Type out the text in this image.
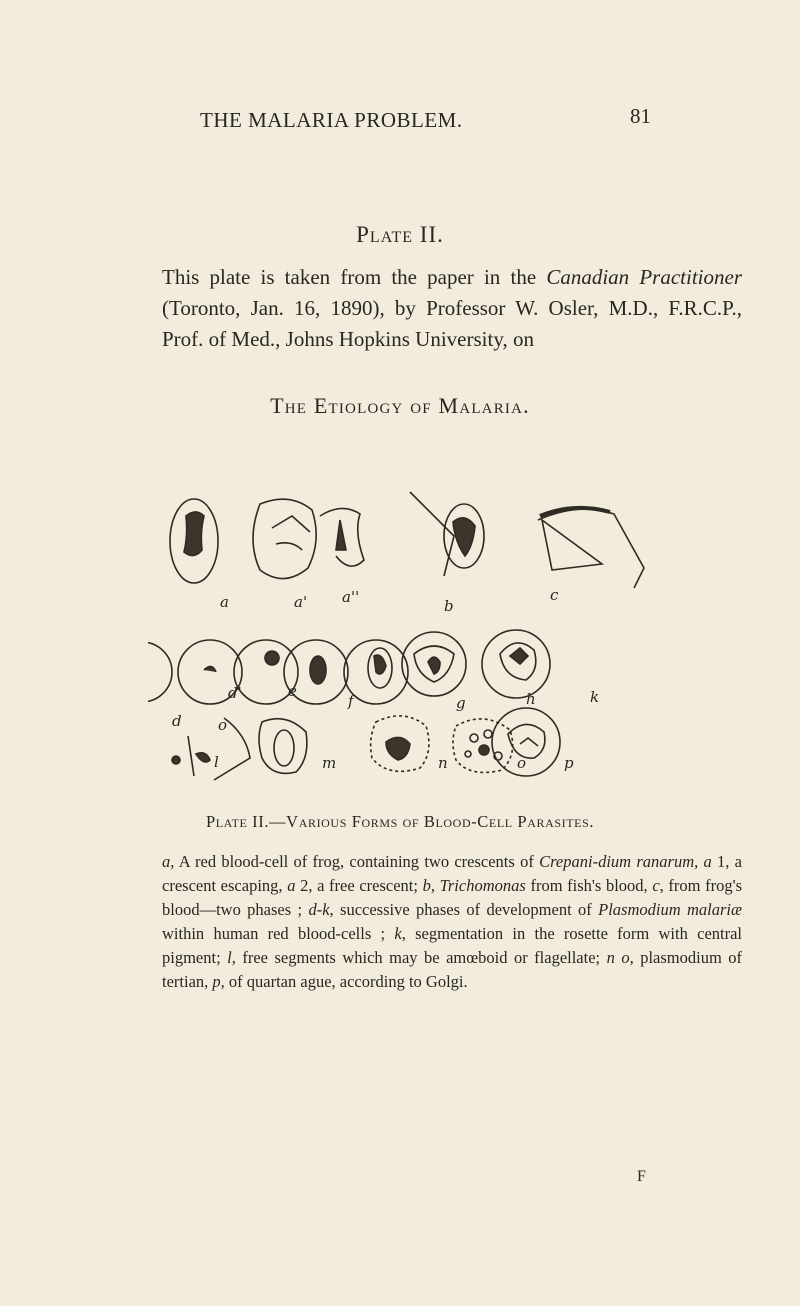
THE MALARIA PROBLEM.	81
Plate II.

This plate is taken from the paper in the Canadian Practitioner (Toronto, Jan. 16, 1890), by Professor W. Osler, M.D., F.R.C.P., Prof. of Med., Johns Hopkins University, on

The Etiology of Malaria.
a	a' a''	b
c
d
d'	e
f	g	h	k
o
l	m	n	o	p
Plate II.—Various Forms of Blood-Cell Parasites.

a, A red blood-cell of frog, containing two crescents of Crepani-dium ranarum, a 1, a crescent escaping, a 2, a free crescent; b, Trichomonas from fish's blood, c, from frog's blood—two phases ; d-k, successive phases of development of Plasmodium malariæ within human red blood-cells ; k, segmentation in the rosette form with central pigment; l, free segments which may be amœboid or flagellate; n o, plasmodium of tertian, p, of quartan ague, according to Golgi.

F
